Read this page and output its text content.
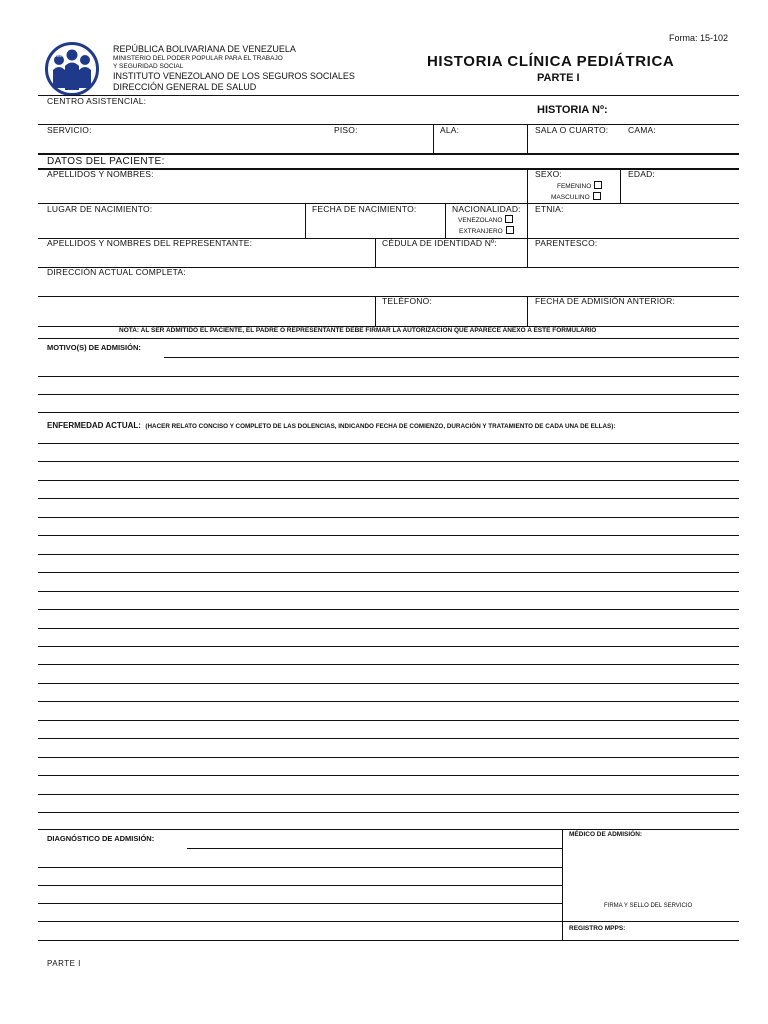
Forma: 15-102
1944
REPÚBLICA BOLIVARIANA DE VENEZUELA
MINISTERIO DEL PODER POPULAR PARA EL TRABAJO
Y SEGURIDAD SOCIAL
INSTITUTO VENEZOLANO DE LOS SEGUROS SOCIALES
DIRECCIÓN GENERAL DE SALUD
HISTORIA CLÍNICA PEDIÁTRICA
PARTE I
CENTRO ASISTENCIAL:
HISTORIA Nº:
SERVICIO:	PISO:	ALA:	SALA O CUARTO: CAMA:
DATOS DEL PACIENTE:
APELLIDOS Y NOMBRES:	SEXO:
FEMENINO
MASCULINO
EDAD:
LUGAR DE NACIMIENTO:	FECHA DE NACIMIENTO:	NACIONALIDAD:
VENEZOLANO
EXTRANJERO
ETNIA:
APELLIDOS Y NOMBRES DEL REPRESENTANTE:	CÉDULA DE IDENTIDAD Nº:	PARENTESCO:
DIRECCIÓN ACTUAL COMPLETA:
TELÉFONO:	FECHA DE ADMISIÓN ANTERIOR:
NOTA: AL SER ADMITIDO EL PACIENTE, EL PADRE O REPRESENTANTE DEBE FIRMAR LA AUTORIZACIÓN QUE APARECE ANEXO A ESTE FORMULARIO
MOTIVO(S) DE ADMISIÓN:
ENFERMEDAD ACTUAL: (HACER RELATO CONCISO Y COMPLETO DE LAS DOLENCIAS, INDICANDO FECHA DE COMIENZO, DURACIÓN Y TRATAMIENTO DE CADA UNA DE ELLAS):
DIAGNÓSTICO DE ADMISIÓN:	MÉDICO DE ADMISIÓN:
FIRMA Y SELLO DEL SERVICIO
REGISTRO MPPS:
PARTE I
